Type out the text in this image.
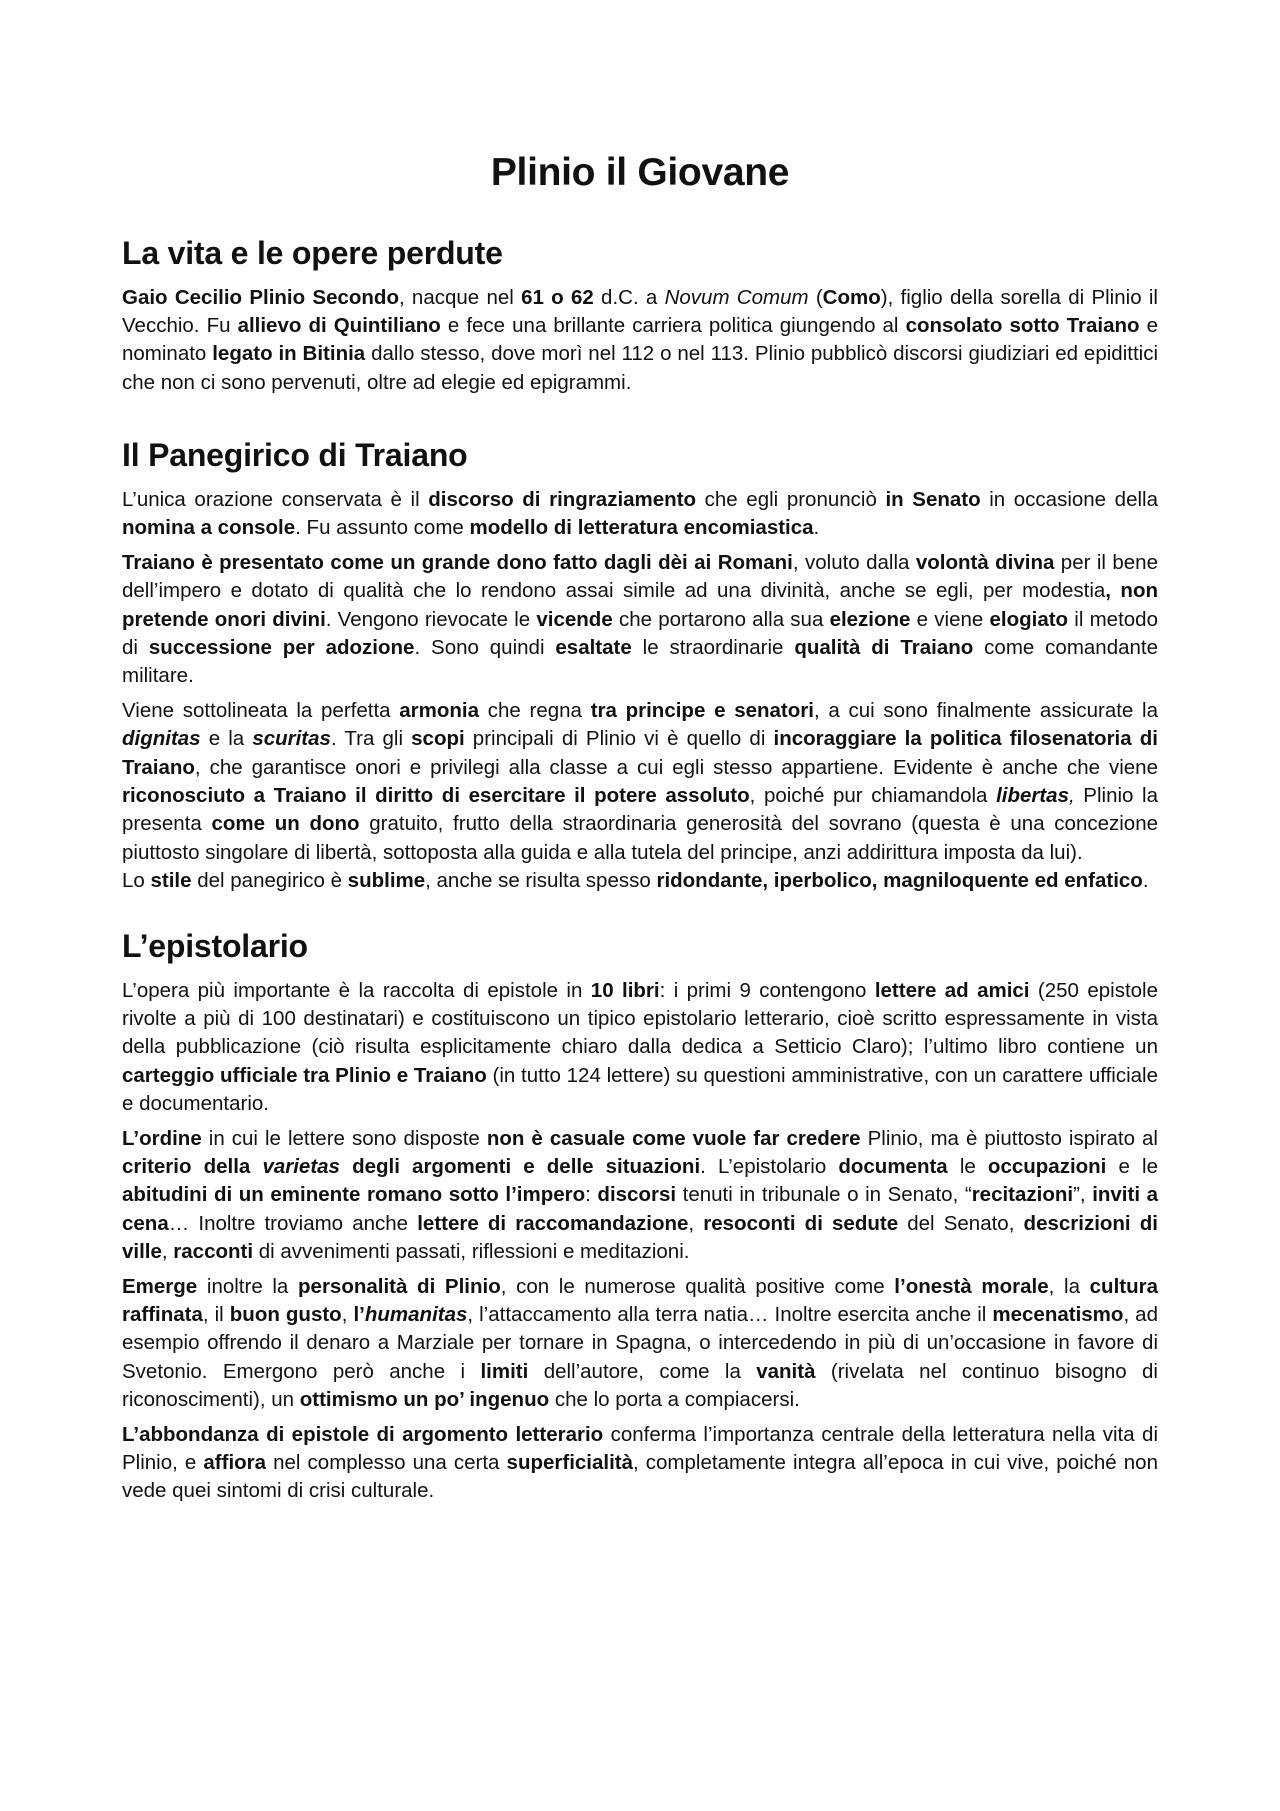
Plinio il Giovane
La vita e le opere perdute

Gaio Cecilio Plinio Secondo, nacque nel 61 o 62 d.C. a Novum Comum (Como), figlio della sorella di Plinio il Vecchio. Fu allievo di Quintiliano e fece una brillante carriera politica giungendo al consolato sotto Traiano e nominato legato in Bitinia dallo stesso, dove morì nel 112 o nel 113. Plinio pubblicò discorsi giudiziari ed epidittici che non ci sono pervenuti, oltre ad elegie ed epigrammi.

Il Panegirico di Traiano

L’unica orazione conservata è il discorso di ringraziamento che egli pronunciò in Senato in occasione della nomina a console. Fu assunto come modello di letteratura encomiastica.

Traiano è presentato come un grande dono fatto dagli dèi ai Romani, voluto dalla volontà divina per il bene dell’impero e dotato di qualità che lo rendono assai simile ad una divinità, anche se egli, per modestia, non pretende onori divini. Vengono rievocate le vicende che portarono alla sua elezione e viene elogiato il metodo di successione per adozione. Sono quindi esaltate le straordinarie qualità di Traiano come comandante militare.

Viene sottolineata la perfetta armonia che regna tra principe e senatori, a cui sono finalmente assicurate la dignitas e la scuritas. Tra gli scopi principali di Plinio vi è quello di incoraggiare la politica filosenatoria di Traiano, che garantisce onori e privilegi alla classe a cui egli stesso appartiene. Evidente è anche che viene riconosciuto a Traiano il diritto di esercitare il potere assoluto, poiché pur chiamandola libertas, Plinio la presenta come un dono gratuito, frutto della straordinaria generosità del sovrano (questa è una concezione piuttosto singolare di libertà, sottoposta alla guida e alla tutela del principe, anzi addirittura imposta da lui).

Lo stile del panegirico è sublime, anche se risulta spesso ridondante, iperbolico, magniloquente ed enfatico.

L’epistolario

L’opera più importante è la raccolta di epistole in 10 libri: i primi 9 contengono lettere ad amici (250 epistole rivolte a più di 100 destinatari) e costituiscono un tipico epistolario letterario, cioè scritto espressamente in vista della pubblicazione (ciò risulta esplicitamente chiaro dalla dedica a Setticio Claro); l’ultimo libro contiene un carteggio ufficiale tra Plinio e Traiano (in tutto 124 lettere) su questioni amministrative, con un carattere ufficiale e documentario.

L’ordine in cui le lettere sono disposte non è casuale come vuole far credere Plinio, ma è piuttosto ispirato al criterio della varietas degli argomenti e delle situazioni. L’epistolario documenta le occupazioni e le abitudini di un eminente romano sotto l’impero: discorsi tenuti in tribunale o in Senato, “recitazioni”, inviti a cena… Inoltre troviamo anche lettere di raccomandazione, resoconti di sedute del Senato, descrizioni di ville, racconti di avvenimenti passati, riflessioni e meditazioni.

Emerge inoltre la personalità di Plinio, con le numerose qualità positive come l’onestà morale, la cultura raffinata, il buon gusto, l’humanitas, l’attaccamento alla terra natia… Inoltre esercita anche il mecenatismo, ad esempio offrendo il denaro a Marziale per tornare in Spagna, o intercedendo in più di un’occasione in favore di Svetonio. Emergono però anche i limiti dell’autore, come la vanità (rivelata nel continuo bisogno di riconoscimenti), un ottimismo un po’ ingenuo che lo porta a compiacersi.

L’abbondanza di epistole di argomento letterario conferma l’importanza centrale della letteratura nella vita di Plinio, e affiora nel complesso una certa superficialità, completamente integra all’epoca in cui vive, poiché non vede quei sintomi di crisi culturale.
